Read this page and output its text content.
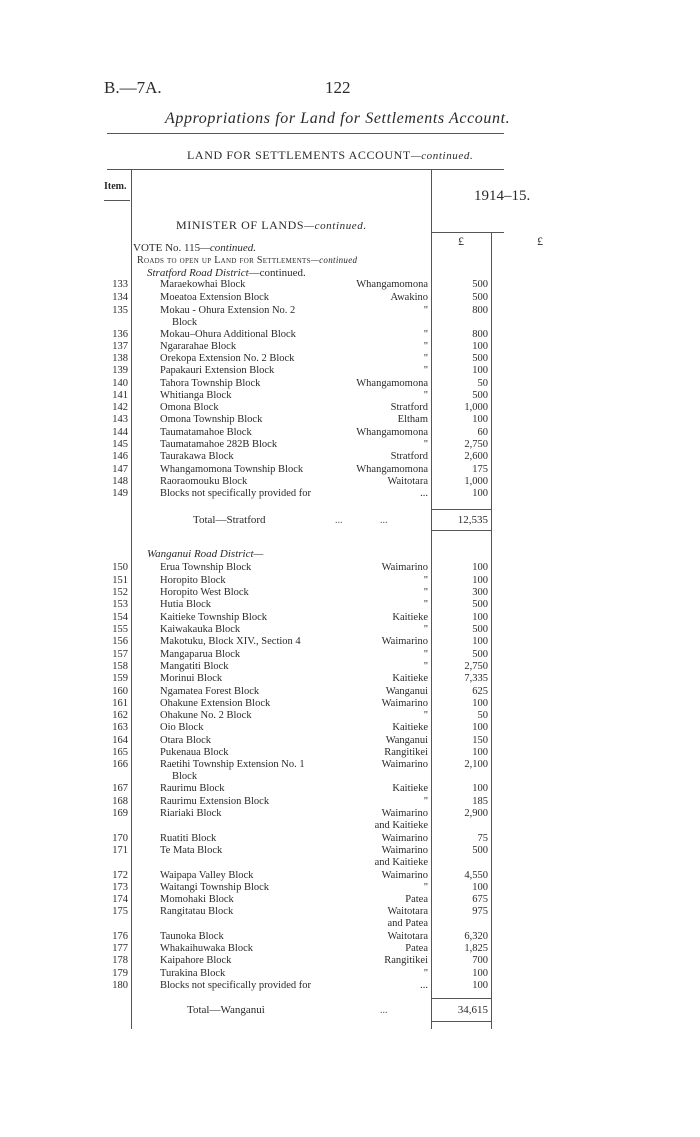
B.—7A.	122
Appropriations for Land for Settlements Account.
LAND FOR SETTLEMENTS ACCOUNT—continued.
Item.
1914–15.
MINISTER OF LANDS—continued.
£	£
VOTE No. 115—continued.
Roads to open up Land for Settlements—continued
Stratford Road District—continued.
133	Maraekowhai Block	Whangamomona	500
134	Moeatoa Extension Block	Awakino	500
135	Mokau - Ohura Extension No. 2	"	800
Block
136	Mokau–Ohura Additional Block	"	800
137	Ngararahae Block	"	100
138	Orekopa Extension No. 2 Block	"	500
139	Papakauri Extension Block	"	100
140	Tahora Township Block	Whangamomona	50
141	Whitianga Block	"	500
142	Omona Block	Stratford	1,000
143	Omona Township Block	Eltham	100
144	Taumatamahoe Block	Whangamomona	60
145	Taumatamahoe 282B Block	"	2,750
146	Taurakawa Block	Stratford	2,600
147	Whangamomona Township Block	Whangamomona	175
148	Raoraomouku Block	Waitotara	1,000
149	Blocks not specifically provided for	...	100
Total—Stratford	...	...	12,535
Wanganui Road District—
150	Erua Township Block	Waimarino	100
151	Horopito Block	"	100
152	Horopito West Block	"	300
153	Hutia Block	"	500
154	Kaitieke Township Block	Kaitieke	100
155	Kaiwakauka Block	"	500
156	Makotuku, Block XIV., Section 4	Waimarino	100
157	Mangaparua Block	"	500
158	Mangatiti Block	"	2,750
159	Morinui Block	Kaitieke	7,335
160	Ngamatea Forest Block	Wanganui	625
161	Ohakune Extension Block	Waimarino	100
162	Ohakune No. 2 Block	"	50
163	Oio Block	Kaitieke	100
164	Otara Block	Wanganui	150
165	Pukenaua Block	Rangitikei	100
166	Raetihi Township Extension No. 1	Waimarino	2,100
Block
167	Raurimu Block	Kaitieke	100
168	Raurimu Extension Block	"	185
169	Riariaki Block	Waimarino	2,900
and Kaitieke
170	Ruatiti Block	Waimarino	75
171	Te Mata Block	Waimarino	500
and Kaitieke
172	Waipapa Valley Block	Waimarino	4,550
173	Waitangi Township Block	"	100
174	Momohaki Block	Patea	675
175	Rangitatau Block	Waitotara	975
and Patea
176	Taunoka Block	Waitotara	6,320
177	Whakaihuwaka Block	Patea	1,825
178	Kaipahore Block	Rangitikei	700
179	Turakina Block	"	100
180	Blocks not specifically provided for	...	100
Total—Wanganui	...	34,615
